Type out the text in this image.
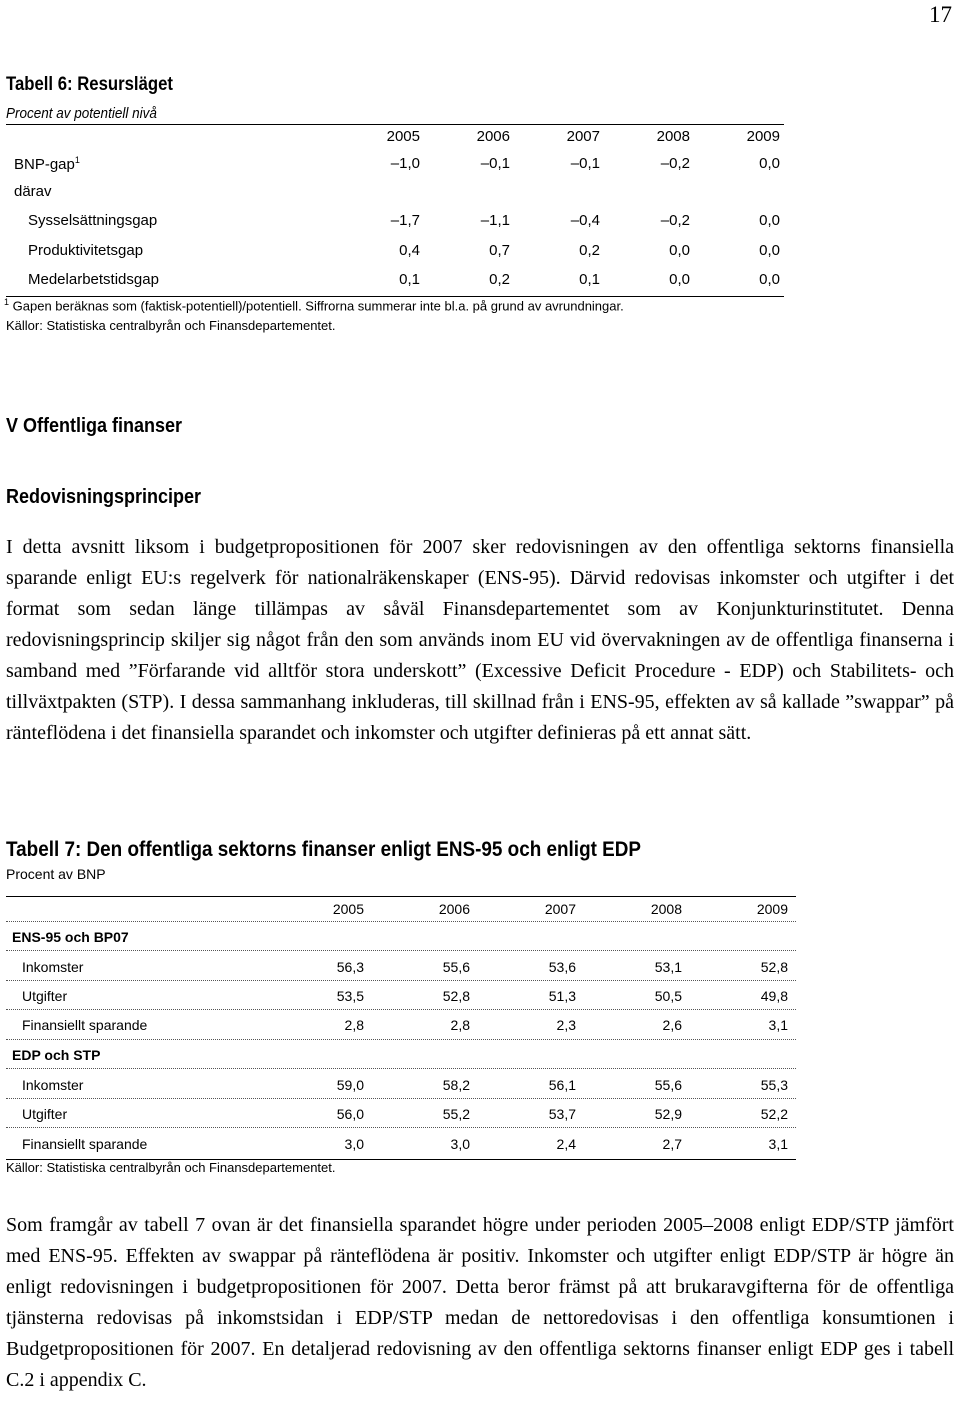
17
Tabell 6: Resursläget
Procent av potentiell nivå
2005	2006	2007	2008	2009
BNP-gap$^1$	–1,0	–0,1	–0,1	–0,2	0,0
därav
Sysselsättningsgap	–1,7	–1,1	–0,4	–0,2	0,0
Produktivitetsgap	0,4	0,7	0,2	0,0	0,0
Medelarbetstidsgap	0,1	0,2	0,1	0,0	0,0
$^1$ Gapen beräknas som (faktisk-potentiell)/potentiell. Siffrorna summerar inte bl.a. på grund av avrundningar.
Källor: Statistiska centralbyrån och Finansdepartementet.
V Offentliga finanser
Redovisningsprinciper
I detta avsnitt liksom i budgetpropositionen för 2007 sker redovisningen av den offentliga sektorns finansiella sparande enligt EU:s regelverk för nationalräkenskaper (ENS-95). Därvid redovisas inkomster och utgifter i det format som sedan länge tillämpas av såväl Finansdepartementet som av Konjunkturinstitutet. Denna redovisningsprincip skiljer sig något från den som används inom EU vid övervakningen av de offentliga finanserna i samband med ”Förfarande vid alltför stora underskott” (Excessive Deficit Procedure - EDP) och Stabilitets- och tillväxtpakten (STP). I dessa sammanhang inkluderas, till skillnad från i ENS-95, effekten av så kallade ”swappar” på ränteflödena i det finansiella sparandet och inkomster och utgifter definieras på ett annat sätt.
Tabell 7: Den offentliga sektorns finanser enligt ENS-95 och enligt EDP
Procent av BNP
2005	2006	2007	2008	2009
ENS-95 och BP07
Inkomster	56,3	55,6	53,6	53,1	52,8
Utgifter	53,5	52,8	51,3	50,5	49,8
Finansiellt sparande	2,8	2,8	2,3	2,6	3,1
EDP och STP
Inkomster	59,0	58,2	56,1	55,6	55,3
Utgifter	56,0	55,2	53,7	52,9	52,2
Finansiellt sparande	3,0	3,0	2,4	2,7	3,1
Källor: Statistiska centralbyrån och Finansdepartementet.
Som framgår av tabell 7 ovan är det finansiella sparandet högre under perioden 2005–2008 enligt EDP/STP jämfört med ENS-95. Effekten av swappar på ränteflödena är positiv. Inkomster och utgifter enligt EDP/STP är högre än enligt redovisningen i budgetpropositionen för 2007. Detta beror främst på att brukaravgifterna för de offentliga tjänsterna redovisas på inkomstsidan i EDP/STP medan de nettoredovisas i den offentliga konsumtionen i Budgetpropositionen för 2007. En detaljerad redovisning av den offentliga sektorns finanser enligt EDP ges i tabell C.2 i appendix C.
